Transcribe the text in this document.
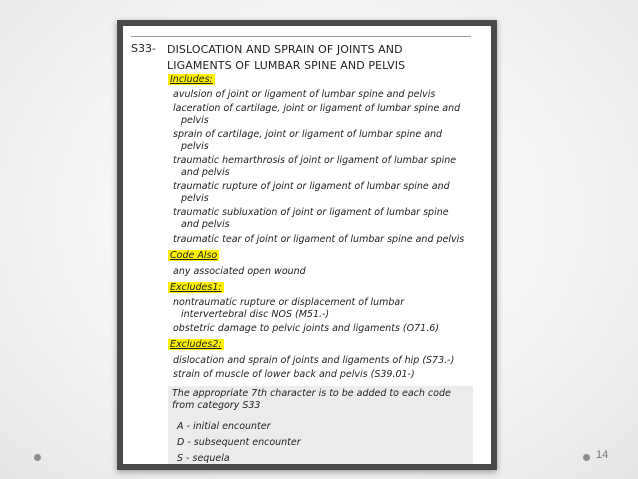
14
S33- DISLOCATION AND SPRAIN OF JOINTS AND
LIGAMENTS OF LUMBAR SPINE AND PELVIS
Includes:
avulsion of joint or ligament of lumbar spine and pelvis
laceration of cartilage, joint or ligament of lumbar spine and
pelvis
sprain of cartilage, joint or ligament of lumbar spine and
pelvis
traumatic hemarthrosis of joint or ligament of lumbar spine
and pelvis
traumatic rupture of joint or ligament of lumbar spine and
pelvis
traumatic subluxation of joint or ligament of lumbar spine
and pelvis
traumatic tear of joint or ligament of lumbar spine and pelvis
Code Also
any associated open wound
Excludes1:
nontraumatic rupture or displacement of lumbar
intervertebral disc NOS (M51.-)
obstetric damage to pelvic joints and ligaments (O71.6)
Excludes2:
dislocation and sprain of joints and ligaments of hip (S73.-)
strain of muscle of lower back and pelvis (S39.01-)
The appropriate 7th character is to be added to each code
from category S33
A - initial encounter
D - subsequent encounter
S - sequela
